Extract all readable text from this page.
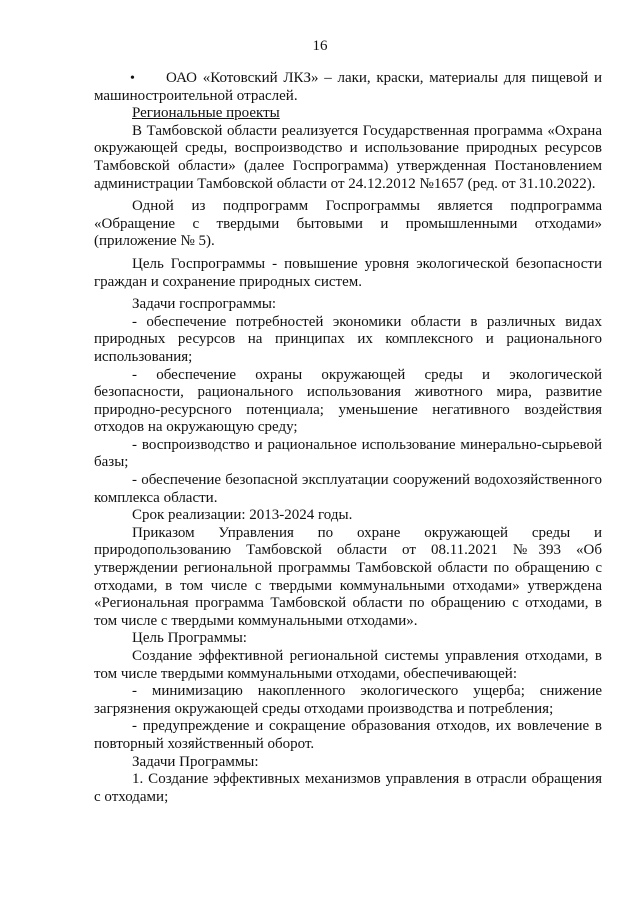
16

• ОАО «Котовский ЛКЗ» – лаки, краски, материалы для пищевой и машиностроительной отраслей.

Региональные проекты

В Тамбовской области реализуется Государственная программа «Охрана окружающей среды, воспроизводство и использование природных ресурсов Тамбовской области» (далее Госпрограмма) утвержденная Постановлением администрации Тамбовской области от 24.12.2012 №1657 (ред. от 31.10.2022).

Одной из подпрограмм Госпрограммы является подпрограмма «Обращение с твердыми бытовыми и промышленными отходами» (приложение № 5).

Цель Госпрограммы - повышение уровня экологической безопасности граждан и сохранение природных систем.

Задачи госпрограммы:

- обеспечение потребностей экономики области в различных видах природных ресурсов на принципах их комплексного и рационального использования;

- обеспечение охраны окружающей среды и экологической безопасности, рационального использования животного мира, развитие природно-ресурсного потенциала; уменьшение негативного воздействия отходов на окружающую среду;

- воспроизводство и рациональное использование минерально-сырьевой базы;

- обеспечение безопасной эксплуатации сооружений водохозяйственного комплекса области.

Срок реализации: 2013-2024 годы.

Приказом Управления по охране окружающей среды и природопользованию Тамбовской области от 08.11.2021 №393 «Об утверждении региональной программы Тамбовской области по обращению с отходами, в том числе с твердыми коммунальными отходами» утверждена «Региональная программа Тамбовской области по обращению с отходами, в том числе с твердыми коммунальными отходами».

Цель Программы:

Создание эффективной региональной системы управления отходами, в том числе твердыми коммунальными отходами, обеспечивающей:

- минимизацию накопленного экологического ущерба; снижение загрязнения окружающей среды отходами производства и потребления;

- предупреждение и сокращение образования отходов, их вовлечение в повторный хозяйственный оборот.

Задачи Программы:

1. Создание эффективных механизмов управления в отрасли обращения с отходами;
